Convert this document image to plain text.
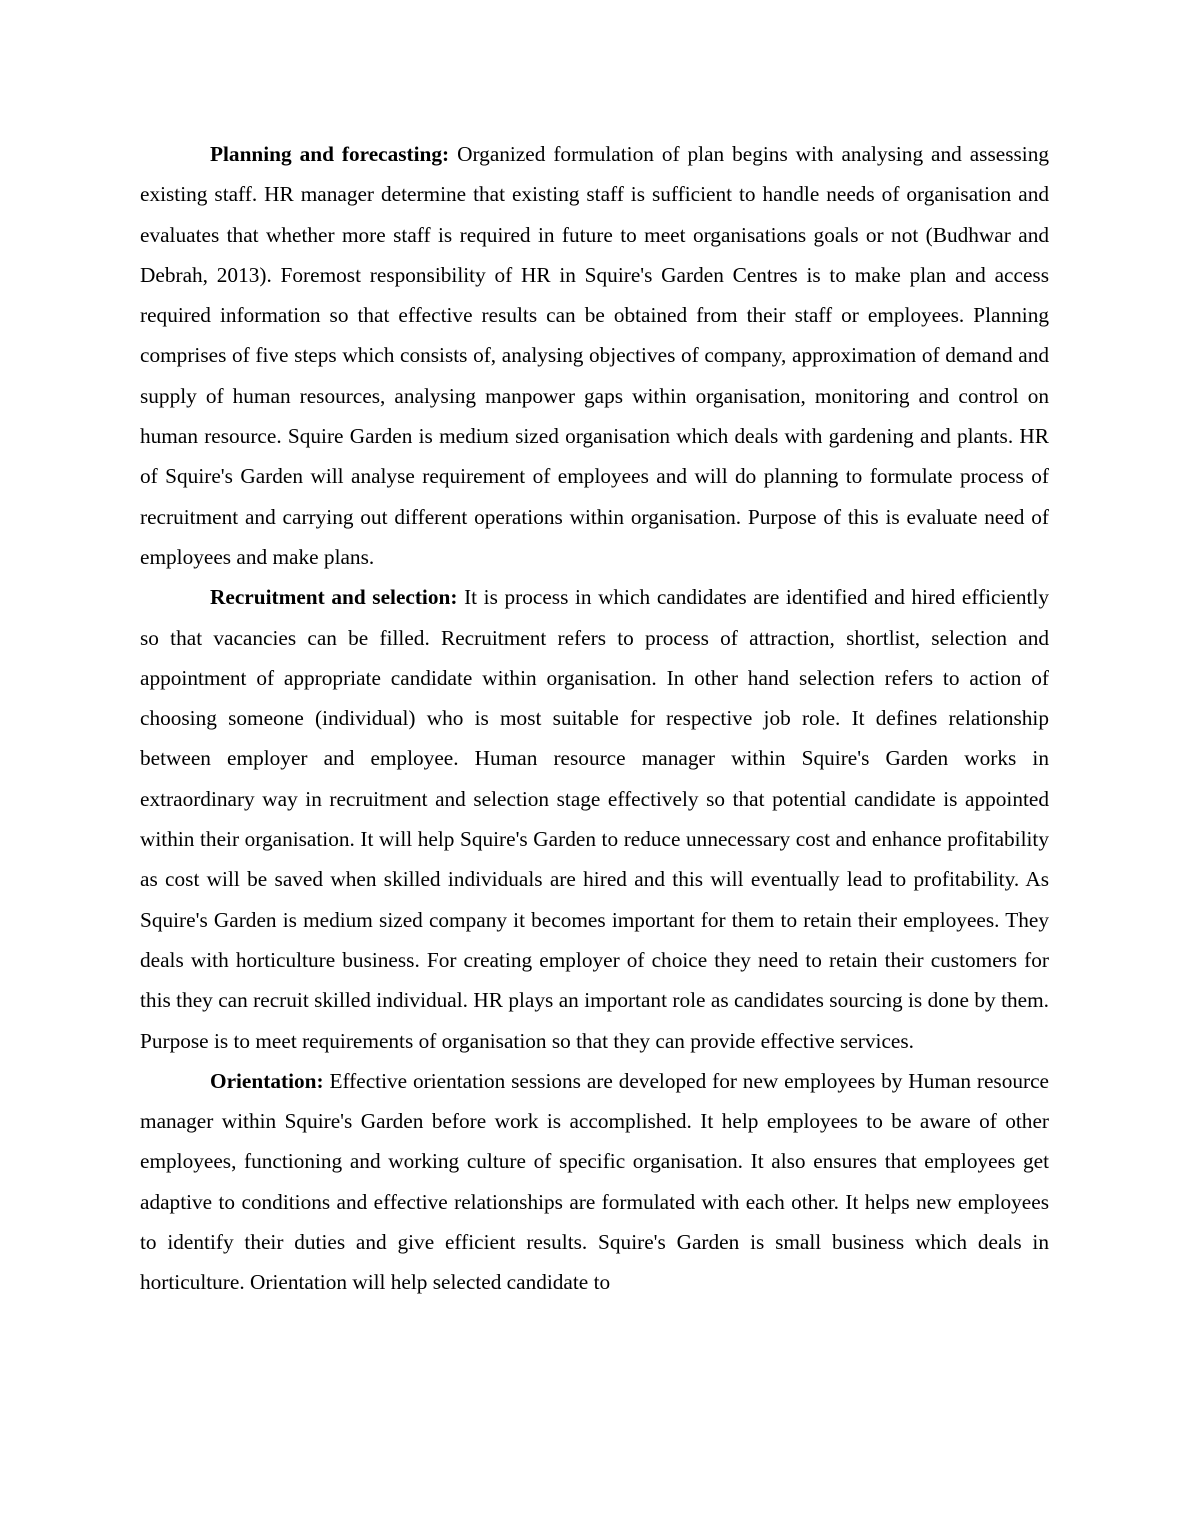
Planning and forecasting: Organized formulation of plan begins with analysing and assessing existing staff. HR manager determine that existing staff is sufficient to handle needs of organisation and evaluates that whether more staff is required in future to meet organisations goals or not (Budhwar and Debrah, 2013). Foremost responsibility of HR in Squire's Garden Centres is to make plan and access required information so that effective results can be obtained from their staff or employees. Planning comprises of five steps which consists of, analysing objectives of company, approximation of demand and supply of human resources, analysing manpower gaps within organisation, monitoring and control on human resource. Squire Garden is medium sized organisation which deals with gardening and plants. HR of Squire's Garden will analyse requirement of employees and will do planning to formulate process of recruitment and carrying out different operations within organisation. Purpose of this is evaluate need of employees and make plans.

Recruitment and selection: It is process in which candidates are identified and hired efficiently so that vacancies can be filled. Recruitment refers to process of attraction, shortlist, selection and appointment of appropriate candidate within organisation. In other hand selection refers to action of choosing someone (individual) who is most suitable for respective job role. It defines relationship between employer and employee. Human resource manager within Squire's Garden works in extraordinary way in recruitment and selection stage effectively so that potential candidate is appointed within their organisation. It will help Squire's Garden to reduce unnecessary cost and enhance profitability as cost will be saved when skilled individuals are hired and this will eventually lead to profitability. As Squire's Garden is medium sized company it becomes important for them to retain their employees. They deals with horticulture business. For creating employer of choice they need to retain their customers for this they can recruit skilled individual. HR plays an important role as candidates sourcing is done by them. Purpose is to meet requirements of organisation so that they can provide effective services.

Orientation: Effective orientation sessions are developed for new employees by Human resource manager within Squire's Garden before work is accomplished. It help employees to be aware of other employees, functioning and working culture of specific organisation. It also ensures that employees get adaptive to conditions and effective relationships are formulated with each other. It helps new employees to identify their duties and give efficient results. Squire's Garden is small business which deals in horticulture. Orientation will help selected candidate to
